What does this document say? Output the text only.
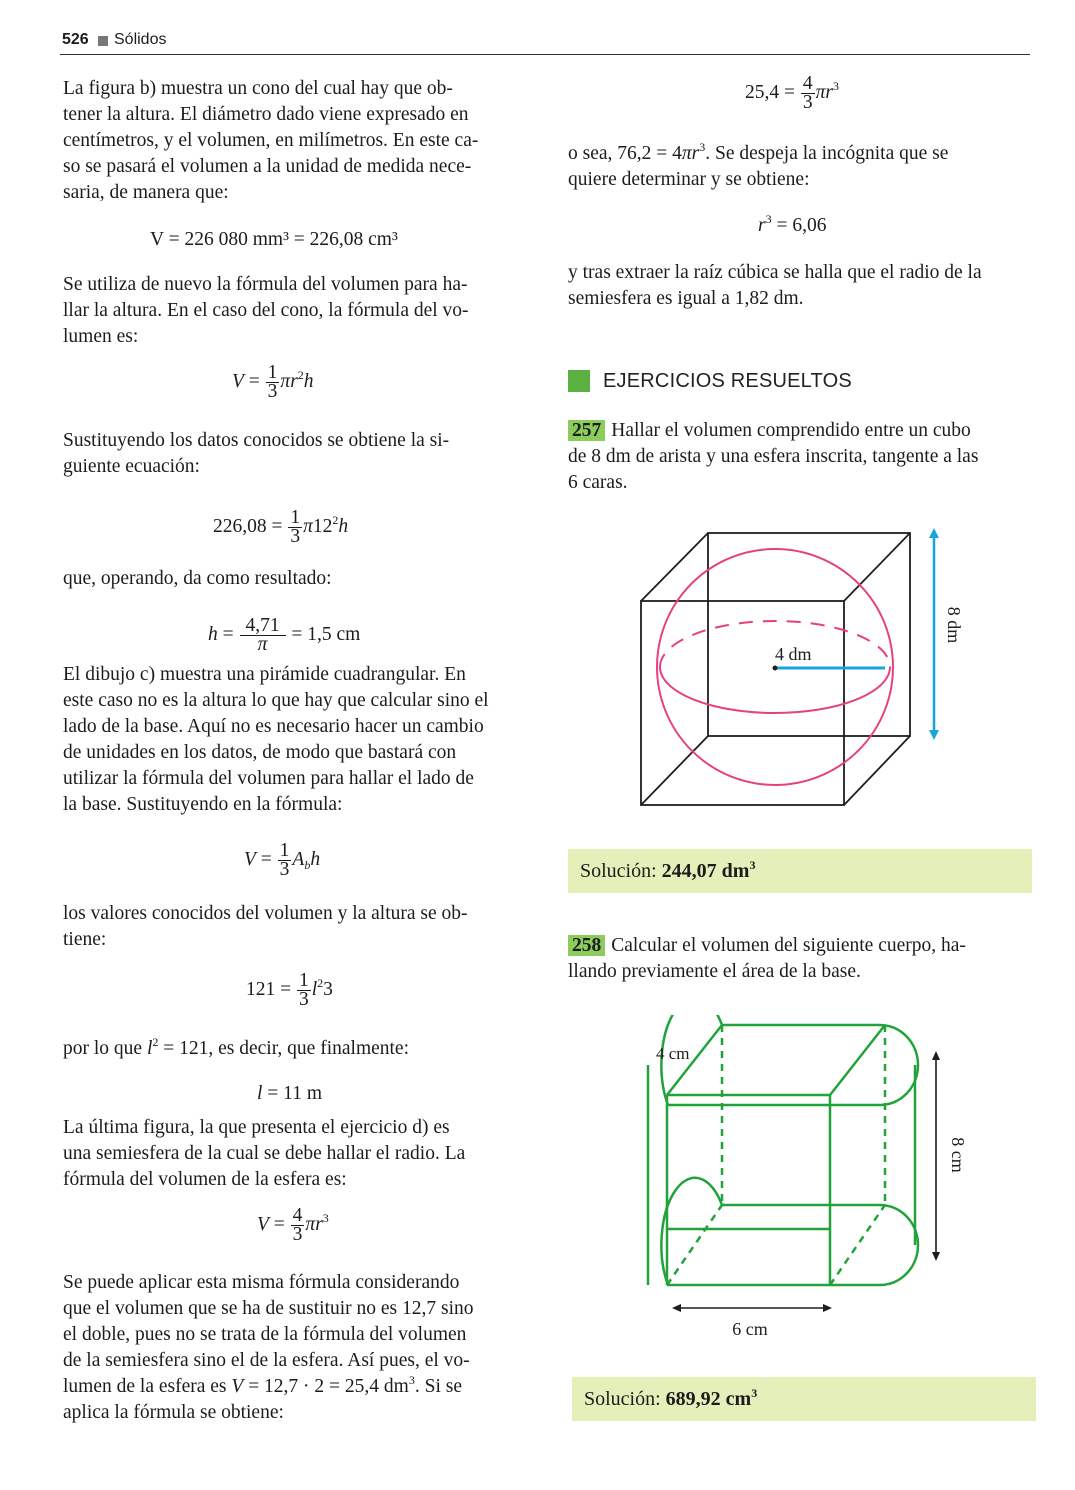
526 Sólidos
La figura b) muestra un cono del cual hay que ob-
tener la altura. El diámetro dado viene expresado en
centímetros, y el volumen, en milímetros. En este ca-
so se pasará el volumen a la unidad de medida nece-
saria, de manera que:
V = 226 080 mm³ = 226,08 cm³
Se utiliza de nuevo la fórmula del volumen para ha-
llar la altura. En el caso del cono, la fórmula del vo-
lumen es:
$V = \frac{1}{3} \pi r^2h$
Sustituyendo los datos conocidos se obtiene la si-
guiente ecuación:
$226,08 = \frac{1}{3} \pi 12^2h$
que, operando, da como resultado:
$h = \frac{4,71}{\pi} = 1,5$ cm
El dibujo c) muestra una pirámide cuadrangular. En
este caso no es la altura lo que hay que calcular sino el
lado de la base. Aquí no es necesario hacer un cambio
de unidades en los datos, de modo que bastará con
utilizar la fórmula del volumen para hallar el lado de
la base. Sustituyendo en la fórmula:
$V = \frac{1}{3} A_bh$
los valores conocidos del volumen y la altura se ob-
tiene:
$121 = \frac{1}{3} l^23$
por lo que $l^2 = 121$, es decir, que finalmente:
l = 11 m
La última figura, la que presenta el ejercicio d) es
una semiesfera de la cual se debe hallar el radio. La
fórmula del volumen de la esfera es:
$V = \frac{4}{3} \pi r^3$
Se puede aplicar esta misma fórmula considerando
que el volumen que se ha de sustituir no es 12,7 sino
el doble, pues no se trata de la fórmula del volumen
de la semiesfera sino el de la esfera. Así pues, el vo-
lumen de la esfera es V = 12,7 · 2 = 25,4 $dm^3$. Si se
aplica la fórmula se obtiene:
$25,4 = \frac{4}{3} \pi r^3$
o sea, $76,2 = 4\pi r^3$. Se despeja la incógnita que se
quiere determinar y se obtiene:
$r^3 = 6,06$
y tras extraer la raíz cúbica se halla que el radio de la
semiesfera es igual a 1,82 dm.
EJERCICIOS RESUELTOS
257 Hallar el volumen comprendido entre un cubo
de 8 dm de arista y una esfera inscrita, tangente a las
6 caras.
4 dm
8 dm
Solución: 244,07 $dm^3$
258 Calcular el volumen del siguiente cuerpo, ha-
llando previamente el área de la base.
4 cm
8 cm
6 cm
Solución: 689,92 $cm^3$
